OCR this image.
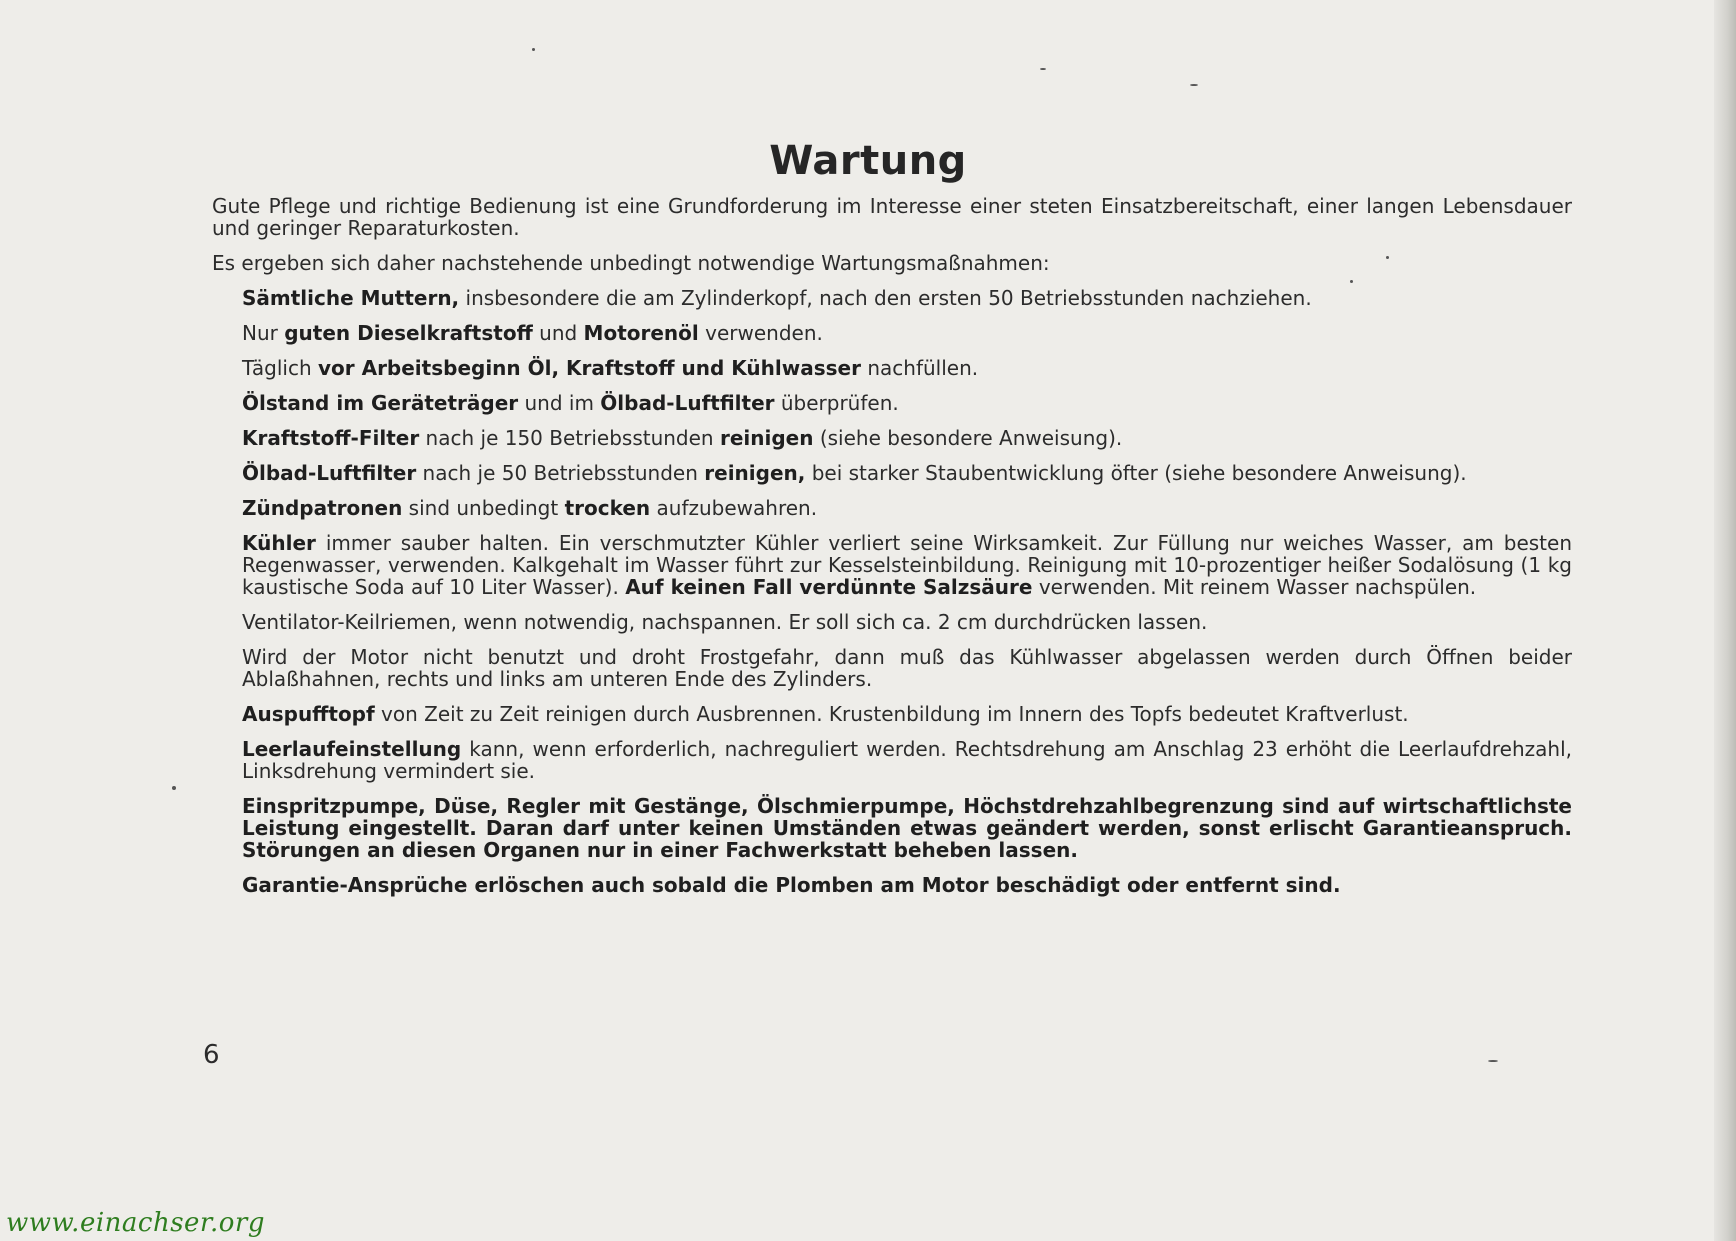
Wartung

Gute Pflege und richtige Bedienung ist eine Grundforderung im Interesse einer steten Einsatzbereitschaft, einer langen Lebensdauer und geringer Reparaturkosten.

Es ergeben sich daher nachstehende unbedingt notwendige Wartungsmaßnahmen:

Sämtliche Muttern, insbesondere die am Zylinderkopf, nach den ersten 50 Betriebsstunden nachziehen.

Nur guten Dieselkraftstoff und Motorenöl verwenden.

Täglich vor Arbeitsbeginn Öl, Kraftstoff und Kühlwasser nachfüllen.

Ölstand im Geräteträger und im Ölbad-Luftfilter überprüfen.

Kraftstoff-Filter nach je 150 Betriebsstunden reinigen (siehe besondere Anweisung).

Ölbad-Luftfilter nach je 50 Betriebsstunden reinigen, bei starker Staubentwicklung öfter (siehe besondere Anweisung).

Zündpatronen sind unbedingt trocken aufzubewahren.

Kühler immer sauber halten. Ein verschmutzter Kühler verliert seine Wirksamkeit. Zur Füllung nur weiches Wasser, am besten Regenwasser, verwenden. Kalkgehalt im Wasser führt zur Kesselsteinbildung. Reinigung mit 10-prozentiger heißer Sodalösung (1 kg kaustische Soda auf 10 Liter Wasser). Auf keinen Fall verdünnte Salzsäure verwenden. Mit reinem Wasser nachspülen.

Ventilator-Keilriemen, wenn notwendig, nachspannen. Er soll sich ca. 2 cm durchdrücken lassen.

Wird der Motor nicht benutzt und droht Frostgefahr, dann muß das Kühlwasser abgelassen werden durch Öffnen beider Ablaßhahnen, rechts und links am unteren Ende des Zylinders.

Auspufftopf von Zeit zu Zeit reinigen durch Ausbrennen. Krustenbildung im Innern des Topfs bedeutet Kraftverlust.

Leerlaufeinstellung kann, wenn erforderlich, nachreguliert werden. Rechtsdrehung am Anschlag 23 erhöht die Leerlaufdrehzahl, Linksdrehung vermindert sie.

Einspritzpumpe, Düse, Regler mit Gestänge, Ölschmierpumpe, Höchstdrehzahlbegrenzung sind auf wirtschaftlichste Leistung eingestellt. Daran darf unter keinen Umständen etwas geändert werden, sonst erlischt Garantieanspruch. Störungen an diesen Organen nur in einer Fachwerkstatt beheben lassen.

Garantie-Ansprüche erlöschen auch sobald die Plomben am Motor beschädigt oder entfernt sind.

6
www.einachser.org
